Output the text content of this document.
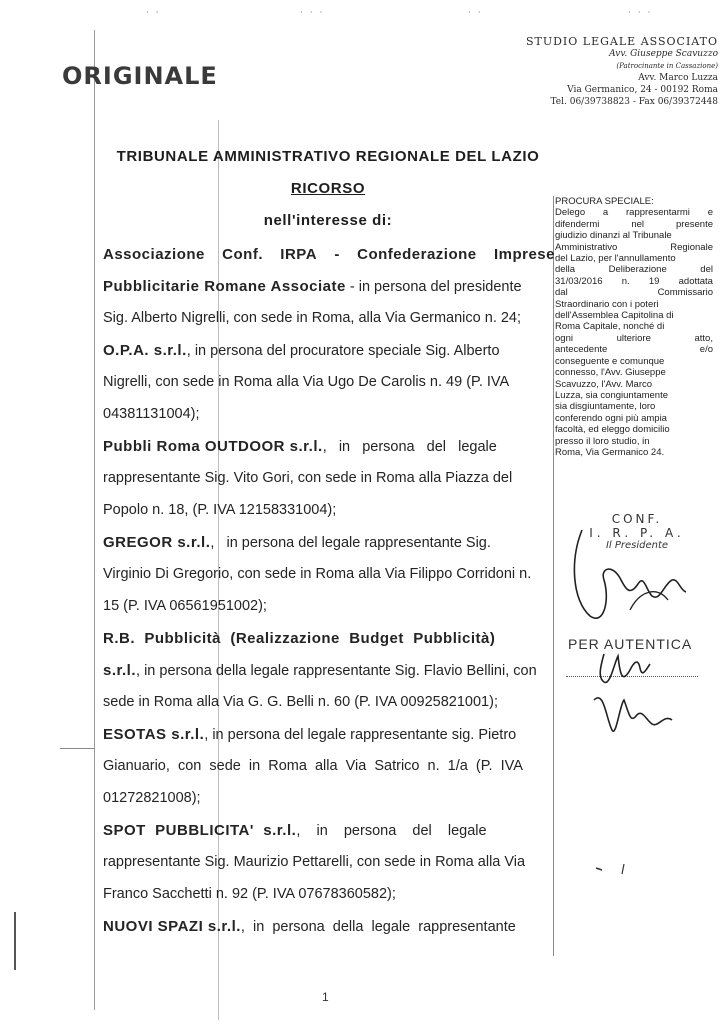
· ·	· · ·	· ·	· · ·
ORIGINALE
STUDIO LEGALE ASSOCIATO
Avv. Giuseppe Scavuzzo
(Patrocinante in Cassazione)
Avv. Marco Luzza
Via Germanico, 24 - 00192 Roma
Tel. 06/39738823 - Fax 06/39372448
TRIBUNALE AMMINISTRATIVO REGIONALE DEL LAZIO
RICORSO
nell'interesse di:
Associazione Conf. IRPA - Confederazione Imprese
Pubblicitarie Romane Associate - in persona del presidente
Sig. Alberto Nigrelli, con sede in Roma, alla Via Germanico n. 24;
O.P.A. s.r.l., in persona del procuratore speciale Sig. Alberto
Nigrelli, con sede in Roma alla Via Ugo De Carolis n. 49 (P. IVA
04381131004);
Pubbli Roma OUTDOOR s.r.l.,   in   persona   del   legale
rappresentante Sig. Vito Gori, con sede in Roma alla Piazza del
Popolo n. 18, (P. IVA 12158331004);
GREGOR s.r.l.,   in persona del legale rappresentante Sig.
Virginio Di Gregorio, con sede in Roma alla Via Filippo Corridoni n.
15 (P. IVA 06561951002);
R.B.  Pubblicità  (Realizzazione  Budget  Pubblicità)
s.r.l., in persona della legale rappresentante Sig. Flavio Bellini, con
sede in Roma alla Via G. G. Belli n. 60 (P. IVA 00925821001);
ESOTAS s.r.l., in persona del legale rappresentante sig. Pietro
Gianuario,  con  sede  in  Roma  alla  Via  Satrico  n.  1/a  (P.  IVA
01272821008);
SPOT  PUBBLICITA'  s.r.l.,    in    persona    del    legale
rappresentante Sig. Maurizio Pettarelli, con sede in Roma alla Via
Franco Sacchetti n. 92 (P. IVA 07678360582);
NUOVI SPAZI s.r.l.,  in  persona  della  legale  rappresentante
PROCURA SPECIALE:
Delego a rappresentarmi e
difendermi	nel	presente
giudizio dinanzi al Tribunale
Amministrativo	Regionale
del Lazio, per l'annullamento
della	Deliberazione	del
31/03/2016 n. 19 adottata
dal	Commissario
Straordinario con i poteri
dell'Assemblea Capitolina di
Roma Capitale, nonché di
ogni	ulteriore	atto,
antecedente	e/o
conseguente e comunque
connesso, l'Avv. Giuseppe
Scavuzzo, l'Avv. Marco
Luzza, sia congiuntamente
sia disgiuntamente, loro
conferendo ogni più ampia
facoltà, ed eleggo domicilio
presso il loro studio, in
Roma, Via Germanico 24.
CONF.
I. R. P. A.
Il Presidente
PER AUTENTICA
1
